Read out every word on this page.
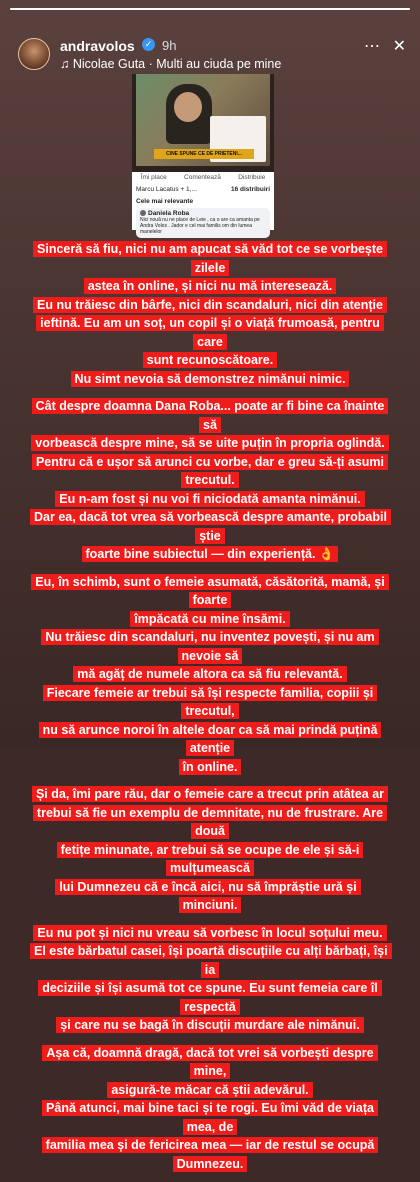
andravolos	✓ 9h
♫ Nicolae Guta · Multi au ciuda pe mine
⋯ ✕
CINE SPUNE CE DE PRIETENI...
Îmi place	Comentează	Distribuie
Marcu Lacatus + 1,...	16 distribuiri
Cele mai relevante
Daniela Roba
Nici nouă nu ne place de Leie , ca o are ca amanta pe Andra Volos . Jador e cel mai familis om din lumea manelelor
Sinceră să fiu, nici nu am apucat să văd tot ce se vorbește zilele
astea în online, și nici nu mă interesează.
Eu nu trăiesc din bârfe, nici din scandaluri, nici din atenție
ieftină. Eu am un soț, un copil și o viață frumoasă, pentru care
sunt recunoscătoare.
Nu simt nevoia să demonstrez nimănui nimic.
Cât despre doamna Dana Roba... poate ar fi bine ca înainte să
vorbească despre mine, să se uite puțin în propria oglindă.
Pentru că e ușor să arunci cu vorbe, dar e greu să-ți asumi
trecutul.
Eu n-am fost și nu voi fi niciodată amanta nimănui.
Dar ea, dacă tot vrea să vorbească despre amante, probabil știe
foarte bine subiectul — din experiență. 👌
Eu, în schimb, sunt o femeie asumată, căsătorită, mamă, și foarte
împăcată cu mine însămi.
Nu trăiesc din scandaluri, nu inventez povești, și nu am nevoie să
mă agăț de numele altora ca să fiu relevantă.
Fiecare femeie ar trebui să își respecte familia, copiii și trecutul,
nu să arunce noroi în altele doar ca să mai prindă puțină atenție
în online.
Și da, îmi pare rău, dar o femeie care a trecut prin atâtea ar
trebui să fie un exemplu de demnitate, nu de frustrare. Are două
fetițe minunate, ar trebui să se ocupe de ele și să-i mulțumească
lui Dumnezeu că e încă aici, nu să împrăștie ură și minciuni.
Eu nu pot și nici nu vreau să vorbesc în locul soțului meu.
El este bărbatul casei, își poartă discuțiile cu alți bărbați, își ia
deciziile și își asumă tot ce spune. Eu sunt femeia care îl respectă
și care nu se bagă în discuții murdare ale nimănui.
Așa că, doamnă dragă, dacă tot vrei să vorbești despre mine,
asigură-te măcar că știi adevărul.
Până atunci, mai bine taci și te rogi. Eu îmi văd de viața mea, de
familia mea și de fericirea mea — iar de restul se ocupă
Dumnezeu.
